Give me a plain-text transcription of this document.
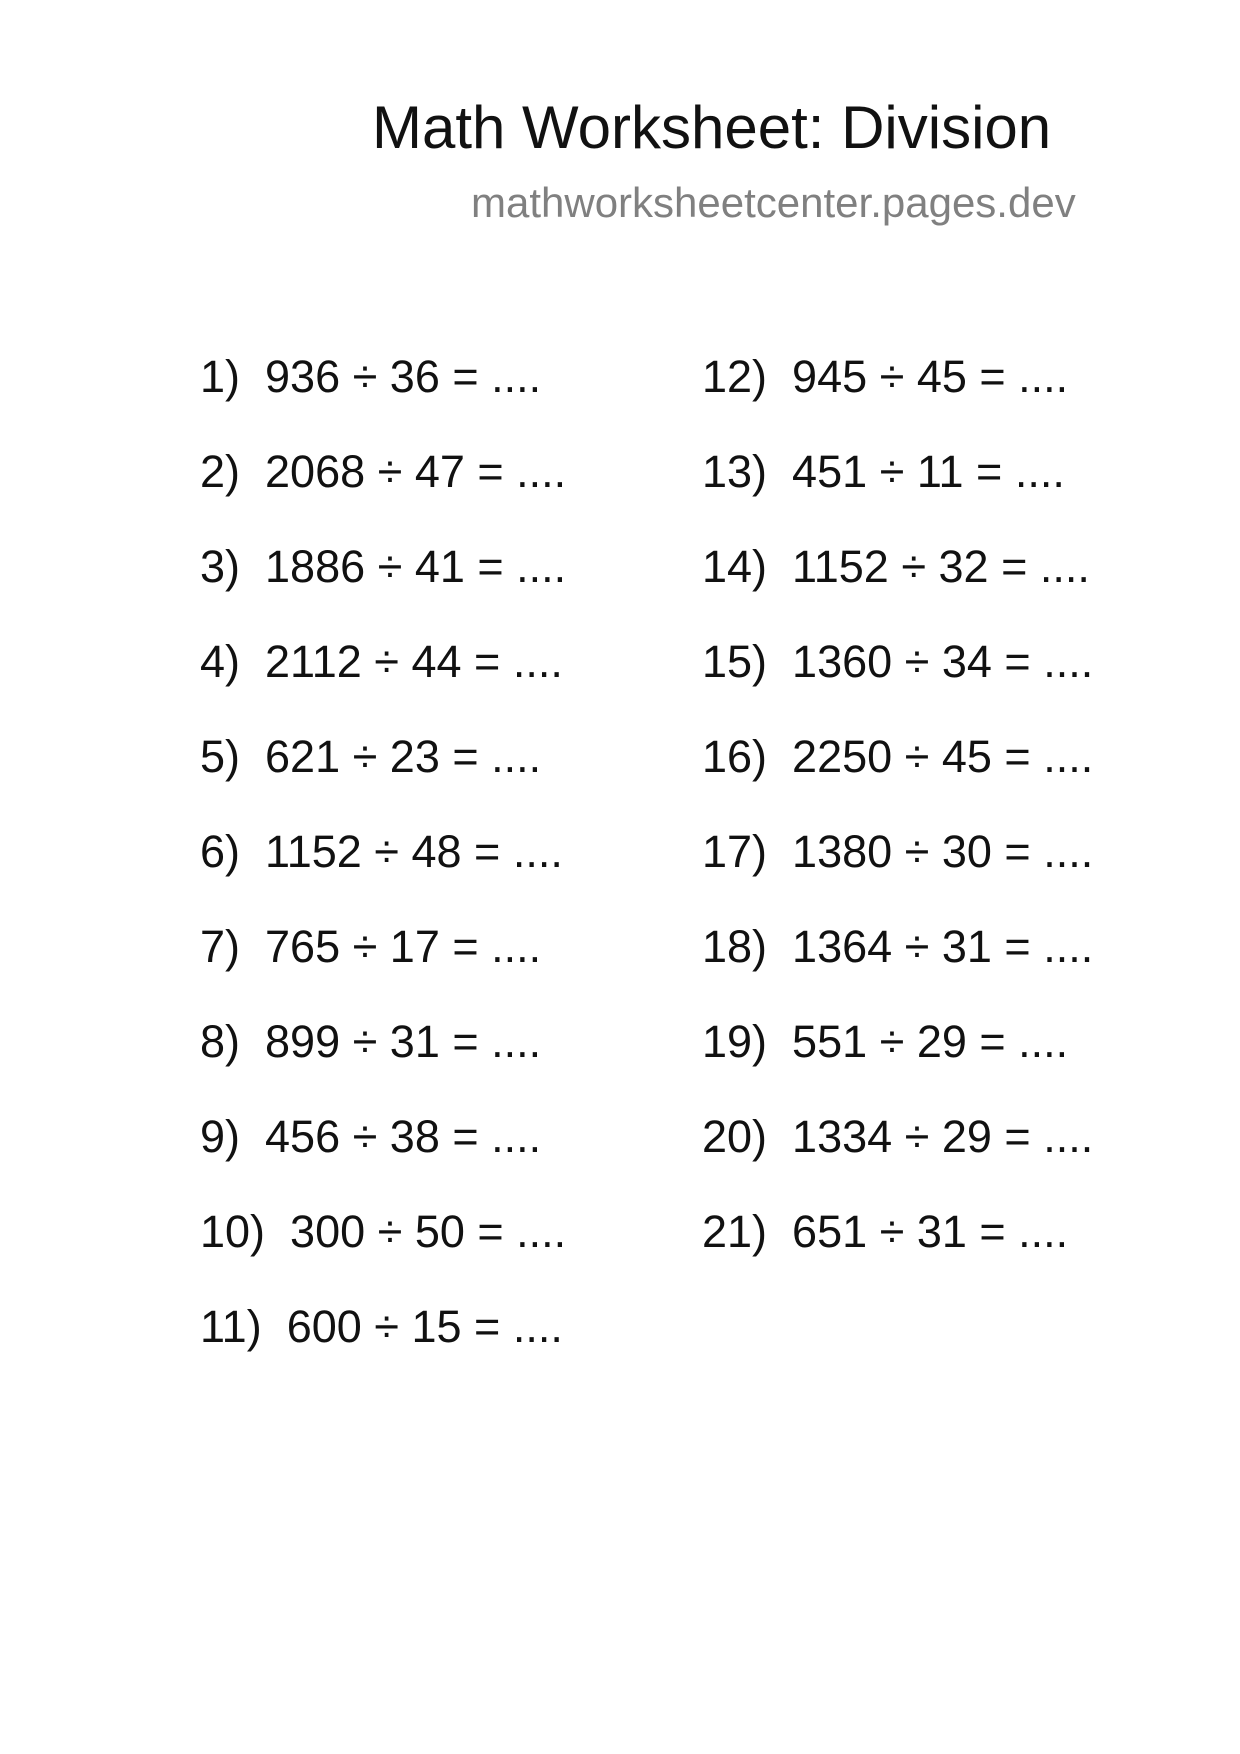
Math Worksheet: Division
mathworksheetcenter.pages.dev
1)  936 ÷ 36 = ....
2)  2068 ÷ 47 = ....
3)  1886 ÷ 41 = ....
4)  2112 ÷ 44 = ....
5)  621 ÷ 23 = ....
6)  1152 ÷ 48 = ....
7)  765 ÷ 17 = ....
8)  899 ÷ 31 = ....
9)  456 ÷ 38 = ....
10)  300 ÷ 50 = ....
11)  600 ÷ 15 = ....
12)  945 ÷ 45 = ....
13)  451 ÷ 11 = ....
14)  1152 ÷ 32 = ....
15)  1360 ÷ 34 = ....
16)  2250 ÷ 45 = ....
17)  1380 ÷ 30 = ....
18)  1364 ÷ 31 = ....
19)  551 ÷ 29 = ....
20)  1334 ÷ 29 = ....
21)  651 ÷ 31 = ....
